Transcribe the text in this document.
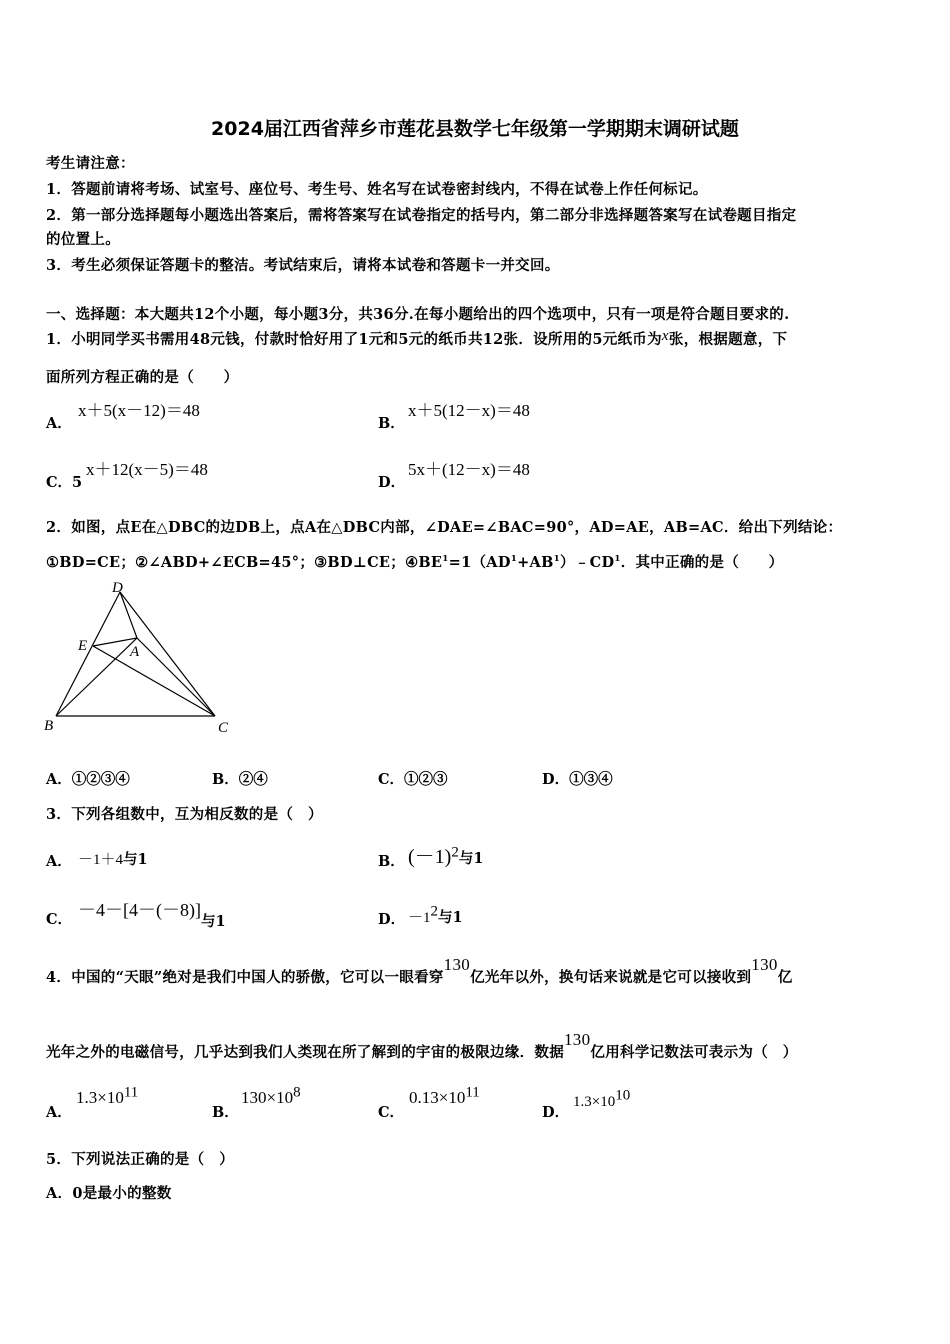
2024届江西省萍乡市莲花县数学七年级第一学期期末调研试题
考生请注意：
1．答题前请将考场、试室号、座位号、考生号、姓名写在试卷密封线内，不得在试卷上作任何标记。
2．第一部分选择题每小题选出答案后，需将答案写在试卷指定的括号内，第二部分非选择题答案写在试卷题目指定
的位置上。
3．考生必须保证答题卡的整洁。考试结束后，请将本试卷和答题卡一并交回。
一、选择题：本大题共12个小题，每小题3分，共36分.在每小题给出的四个选项中，只有一项是符合题目要求的.
1．小明同学买书需用48元钱，付款时恰好用了1元和5元的纸币共12张．设所用的5元纸币为x张，根据题意，下
面所列方程正确的是（　　）
A．
x＋5(x－12)＝48
B．
x＋5(12－x)＝48
C．5
x＋12(x－5)＝48
D．
5x＋(12－x)＝48
2．如图，点E在△DBC的边DB上，点A在△DBC内部，∠DAE=∠BAC=90°，AD=AE，AB=AC．给出下列结论：
①BD=CE；②∠ABD+∠ECB=45°；③BD⊥CE；$④BE^1=1(AD^1+AB^1)﹣CD^1$．其中正确的是（　　）
D
E	A
B	C
A．①②③④	B．②④	C．①②③	D．①③④
3．下列各组数中，互为相反数的是（　）
A． －1＋4与1	B． $(-1)^2$与1
C． －4－[4－(－8)]与1	D． $-1^2$与1
4．中国的“天眼”绝对是我们中国人的骄傲，它可以一眼看穿130亿光年以外，换句话来说就是它可以接收到130亿
光年之外的电磁信号，几乎达到我们人类现在所了解到的宇宙的极限边缘．数据130亿用科学记数法可表示为（　）
A．
$1.3\times 10^{11}$
B．
$130\times 10^8$
C．
$0.13\times 10^{11}$
D．
$1.3\times 10^{10}$
5．下列说法正确的是（　）
A．0是最小的整数
